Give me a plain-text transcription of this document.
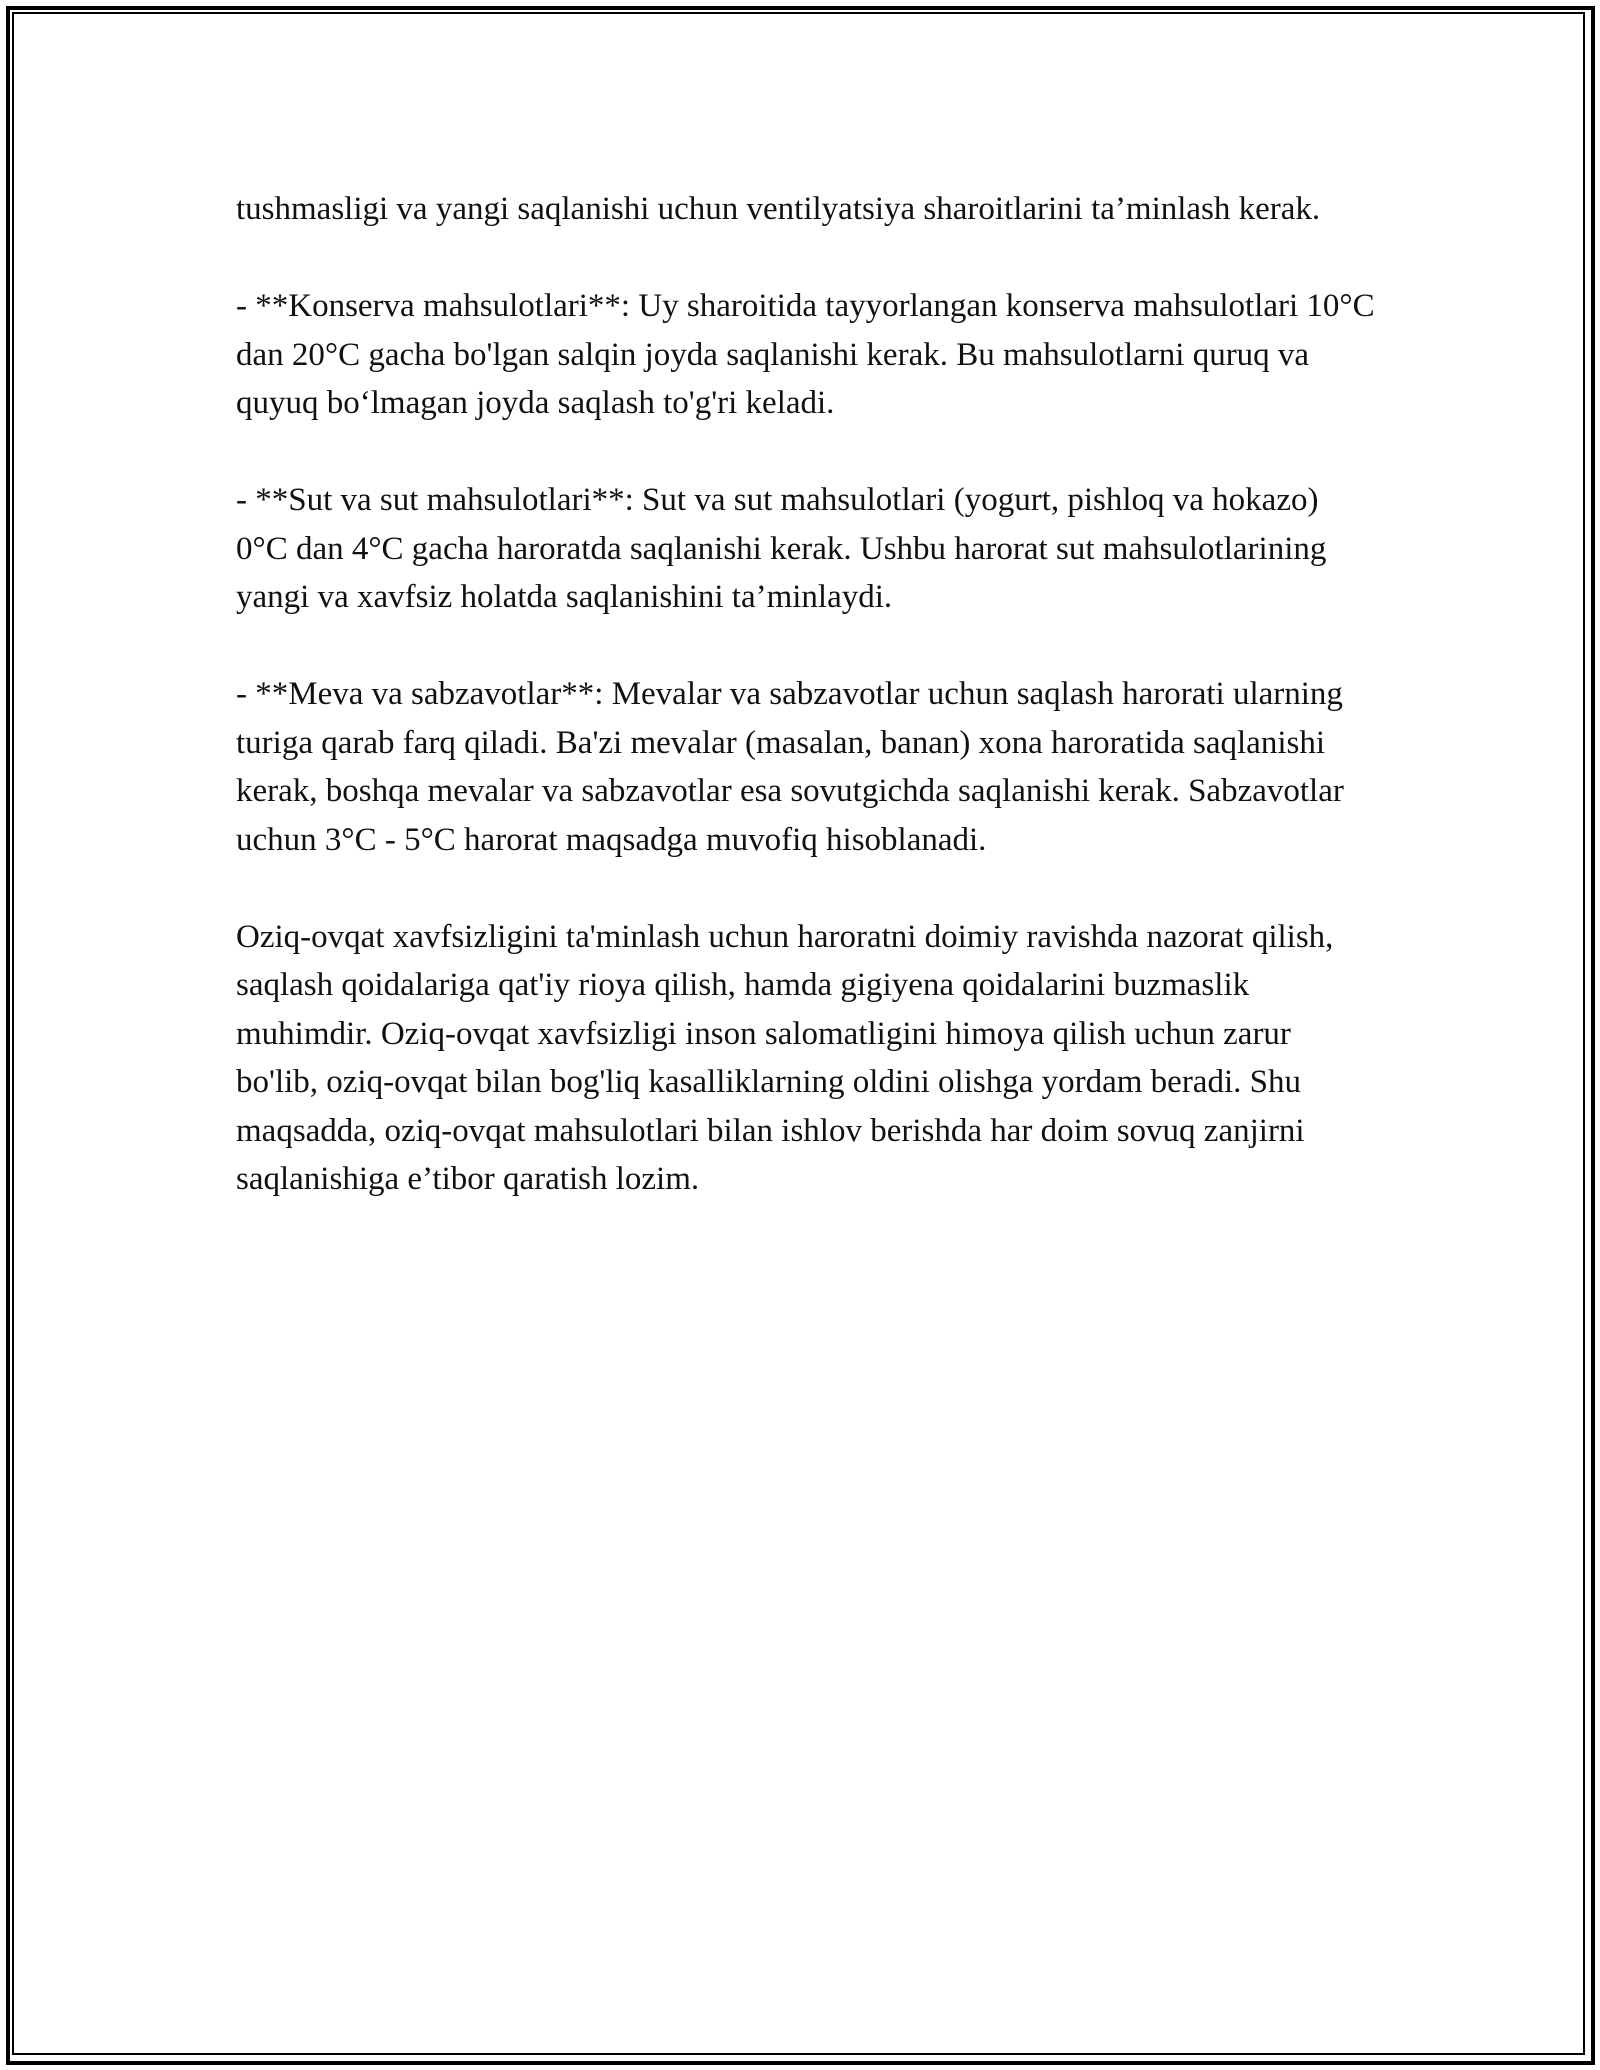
tushmasligi va yangi saqlanishi uchun ventilyatsiya sharoitlarini ta’minlash kerak.

- **Konserva mahsulotlari**: Uy sharoitida tayyorlangan konserva mahsulotlari 10°C dan 20°C gacha bo'lgan salqin joyda saqlanishi kerak. Bu mahsulotlarni quruq va quyuq bo‘lmagan joyda saqlash to'g'ri keladi.

- **Sut va sut mahsulotlari**: Sut va sut mahsulotlari (yogurt, pishloq va hokazo) 0°C dan 4°C gacha haroratda saqlanishi kerak. Ushbu harorat sut mahsulotlarining yangi va xavfsiz holatda saqlanishini ta’minlaydi.

- **Meva va sabzavotlar**: Mevalar va sabzavotlar uchun saqlash harorati ularning turiga qarab farq qiladi. Ba'zi mevalar (masalan, banan) xona haroratida saqlanishi kerak, boshqa mevalar va sabzavotlar esa sovutgichda saqlanishi kerak. Sabzavotlar uchun 3°C - 5°C harorat maqsadga muvofiq hisoblanadi.

Oziq-ovqat xavfsizligini ta'minlash uchun haroratni doimiy ravishda nazorat qilish, saqlash qoidalariga qat'iy rioya qilish, hamda gigiyena qoidalarini buzmaslik muhimdir. Oziq-ovqat xavfsizligi inson salomatligini himoya qilish uchun zarur bo'lib, oziq-ovqat bilan bog'liq kasalliklarning oldini olishga yordam beradi. Shu maqsadda, oziq-ovqat mahsulotlari bilan ishlov berishda har doim sovuq zanjirni saqlanishiga e’tibor qaratish lozim.
